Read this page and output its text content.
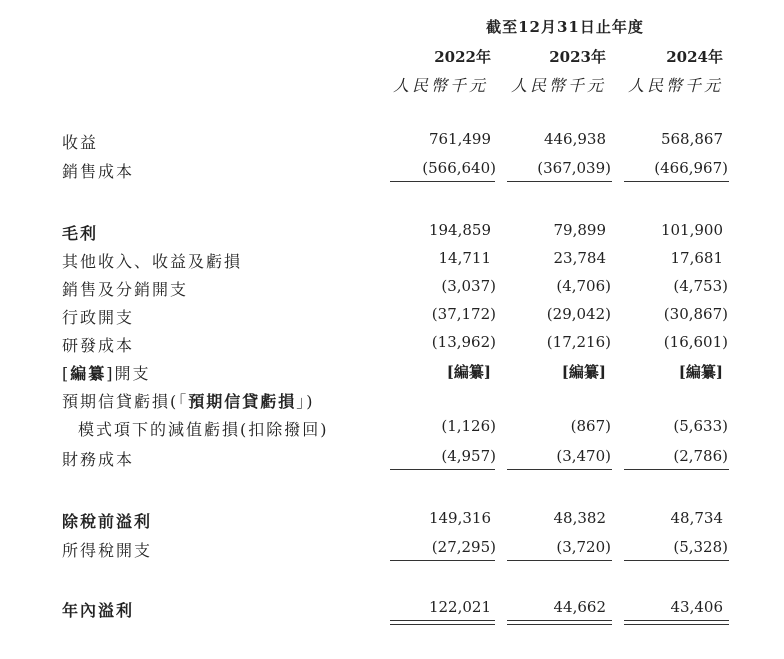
截至12月31日止年度
2022年	2023年	2024年
人民幣千元	人民幣千元	人民幣千元
收益	761,499	446,938	568,867
銷售成本	(566,640)	(367,039)	(466,967)
毛利	194,859	79,899	101,900
其他收入、收益及虧損	14,711	23,784	17,681
銷售及分銷開支	(3,037)	(4,706)	(4,753)
行政開支	(37,172)	(29,042)	(30,867)
研發成本	(13,962)	(17,216)	(16,601)
[編纂]開支	[編纂]	[編纂]	[編纂]
預期信貸虧損(「預期信貸虧損」)
模式項下的減值虧損(扣除撥回)	(1,126)	(867)	(5,633)
財務成本	(4,957)	(3,470)	(2,786)
除稅前溢利	149,316	48,382	48,734
所得稅開支	(27,295)	(3,720)	(5,328)
年內溢利	122,021	44,662	43,406
